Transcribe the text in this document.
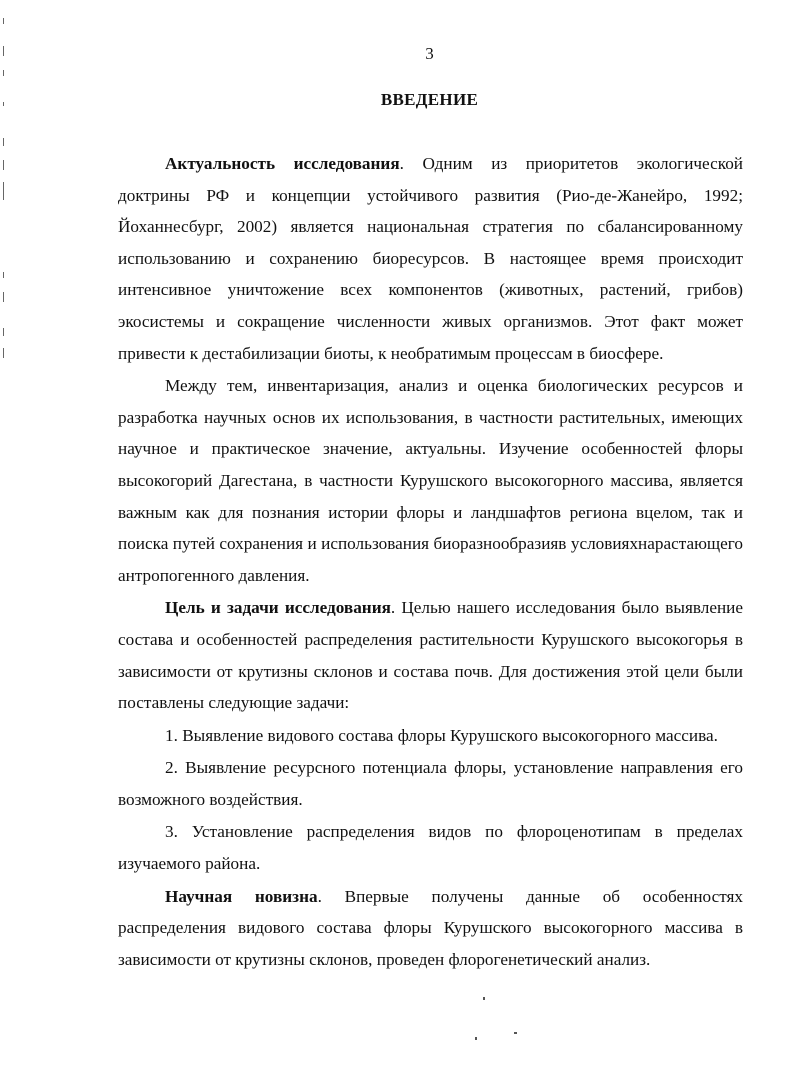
3
ВВЕДЕНИЕ

Актуальность исследования. Одним из приоритетов экологической доктрины РФ и концепции устойчивого развития (Рио-де-Жанейро, 1992; Йоханнесбург, 2002) является национальная стратегия по сбалансированному использованию и сохранению биоресурсов. В настоящее время происходит интенсивное уничтожение всех компонентов (животных, растений, грибов) экосистемы и сокращение численности живых организмов. Этот факт может привести к дестабилизации биоты, к необратимым процессам в биосфере.

Между тем, инвентаризация, анализ и оценка биологических ресурсов и разработка научных основ их использования, в частности растительных, имеющих научное и практическое значение, актуальны. Изучение особенностей флоры высокогорий Дагестана, в частности Курушского высокогорного массива, является важным как для познания истории флоры и ландшафтов региона вцелом, так и поиска путей сохранения и использования биоразнообразияв условияхнарастающего антропогенного давления.

Цель и задачи исследования. Целью нашего исследования было выявление состава и особенностей распределения растительности Курушского высокогорья в зависимости от крутизны склонов и состава почв. Для достижения этой цели были поставлены следующие задачи:

1. Выявление видового состава флоры Курушского высокогорного массива.

2. Выявление ресурсного потенциала флоры, установление направления его возможного воздействия.

3. Установление распределения видов по флороценотипам в пределах изучаемого района.

Научная новизна. Впервые получены данные об особенностях распределения видового состава флоры Курушского высокогорного массива в зависимости от крутизны склонов, проведен флорогенетический анализ.
